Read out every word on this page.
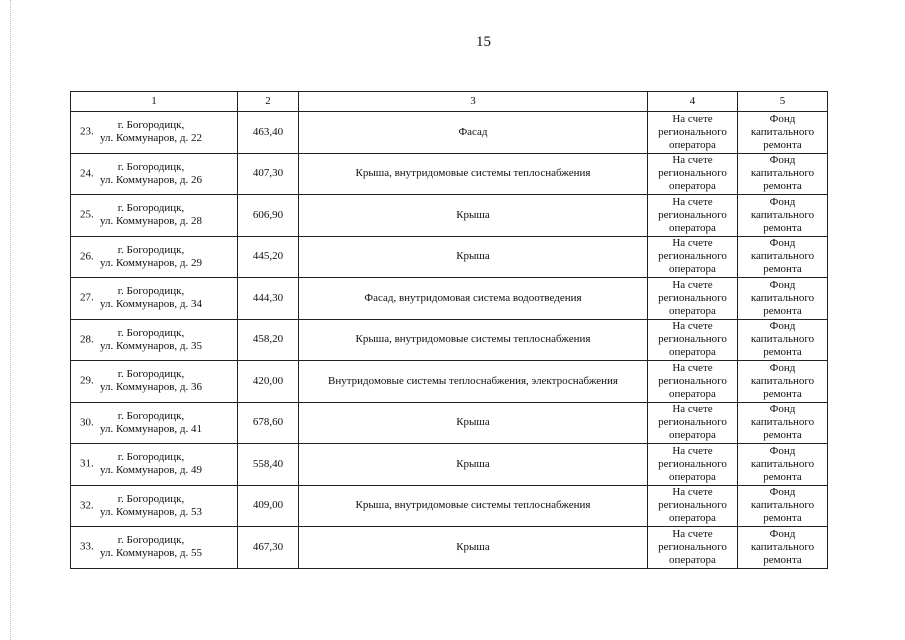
15
1	2	3	4	5

23.
г. Богородицк,
ул. Коммунаров, д. 22	463,40	Фасад	На счете регионального оператора	Фонд капитального ремонта

24.
г. Богородицк,
ул. Коммунаров, д. 26	407,30	Крыша, внутридомовые системы теплоснабжения	На счете регионального оператора	Фонд капитального ремонта

25.
г. Богородицк,
ул. Коммунаров, д. 28	606,90	Крыша	На счете регионального оператора	Фонд капитального ремонта

26.
г. Богородицк,
ул. Коммунаров, д. 29	445,20	Крыша	На счете регионального оператора	Фонд капитального ремонта

27.
г. Богородицк,
ул. Коммунаров, д. 34	444,30	Фасад, внутридомовая система водоотведения	На счете регионального оператора	Фонд капитального ремонта

28.
г. Богородицк,
ул. Коммунаров, д. 35	458,20	Крыша, внутридомовые системы теплоснабжения	На счете регионального оператора	Фонд капитального ремонта

29.
г. Богородицк,
ул. Коммунаров, д. 36	420,00	Внутридомовые системы теплоснабжения, электроснабжения	На счете регионального оператора	Фонд капитального ремонта

30.
г. Богородицк,
ул. Коммунаров, д. 41	678,60	Крыша	На счете регионального оператора	Фонд капитального ремонта

31.
г. Богородицк,
ул. Коммунаров, д. 49	558,40	Крыша	На счете регионального оператора	Фонд капитального ремонта

32.
г. Богородицк,
ул. Коммунаров, д. 53	409,00	Крыша, внутридомовые системы теплоснабжения	На счете регионального оператора	Фонд капитального ремонта

33.
г. Богородицк,
ул. Коммунаров, д. 55	467,30	Крыша	На счете регионального оператора	Фонд капитального ремонта
